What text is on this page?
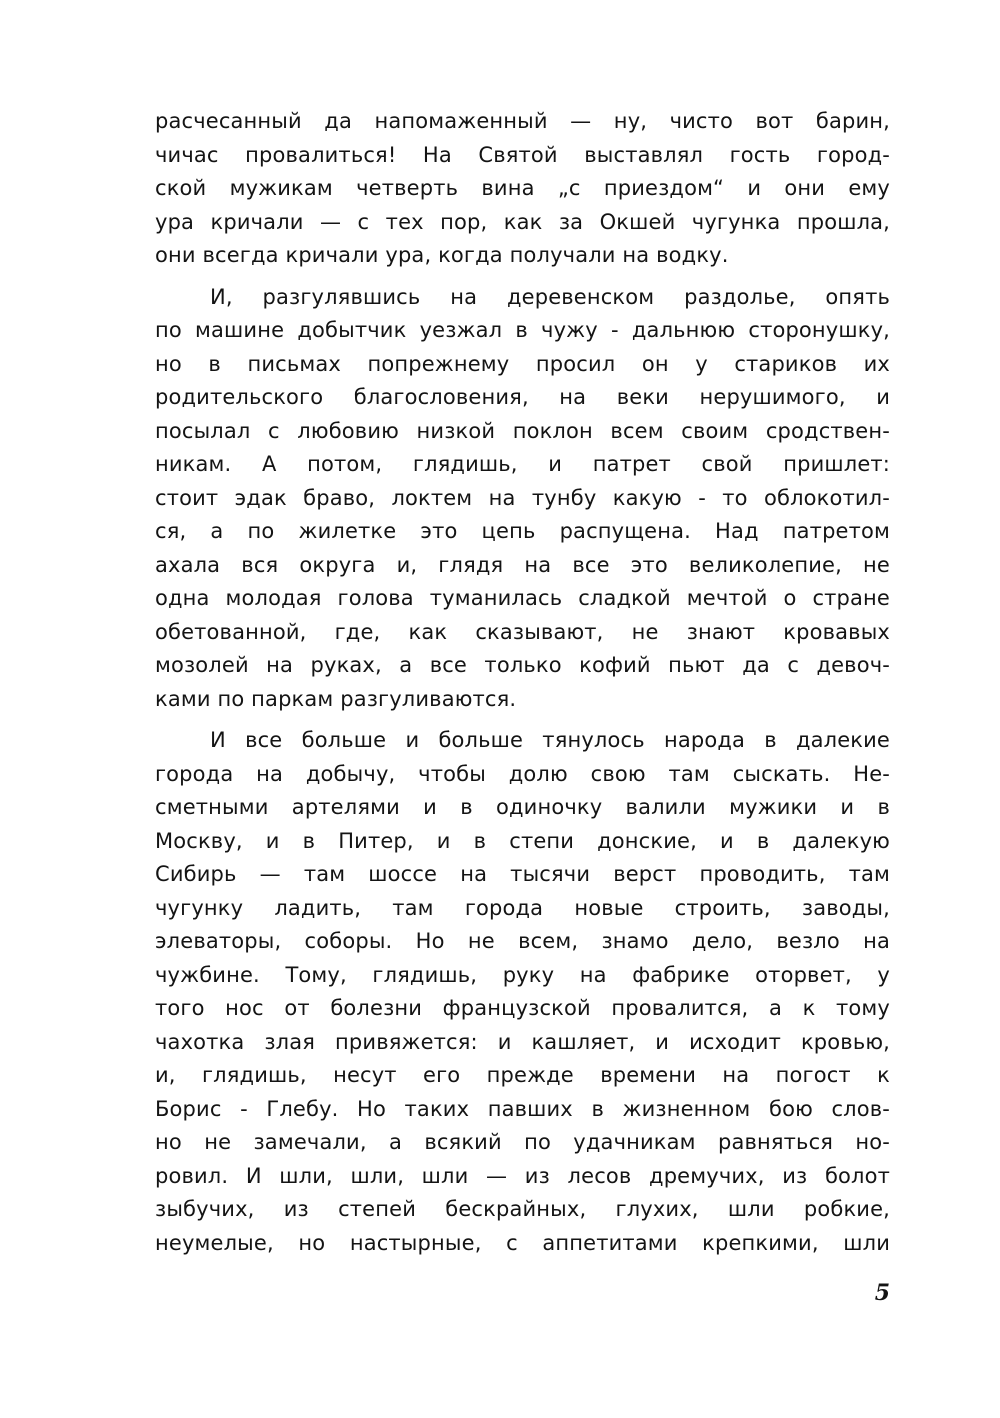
расчесанный да напомаженный — ну, чисто вот барин,
чичас провалиться! На Святой выставлял гость город-
ской мужикам четверть вина „с приездом“ и они ему
ура кричали — с тех пор, как за Окшей чугунка прошла,
они всегда кричали ура, когда получали на водку.
И, разгулявшись на деревенском раздолье, опять
по машине добытчик уезжал в чужу - дальнюю сторонушку,
но в письмах попрежнему просил он у стариков их
родительского благословения, на веки нерушимого, и
посылал с любовию низкой поклон всем своим сродствен-
никам. А потом, глядишь, и патрет свой пришлет:
стоит эдак браво, локтем на тунбу какую - то облокотил-
ся, а по жилетке это цепь распущена. Над патретом
ахала вся округа и, глядя на все это великолепие, не
одна молодая голова туманилась сладкой мечтой о стране
обетованной, где, как сказывают, не знают кровавых
мозолей на руках, а все только кофий пьют да с девоч-
ками по паркам разгуливаются.
И все больше и больше тянулось народа в далекие
города на добычу, чтобы долю свою там сыскать. Не-
сметными артелями и в одиночку валили мужики и в
Москву, и в Питер, и в степи донские, и в далекую
Сибирь — там шоссе на тысячи верст проводить, там
чугунку ладить, там города новые строить, заводы,
элеваторы, соборы. Но не всем, знамо дело, везло на
чужбине. Тому, глядишь, руку на фабрике оторвет, у
того нос от болезни французской провалится, а к тому
чахотка злая привяжется: и кашляет, и исходит кровью,
и, глядишь, несут его прежде времени на погост к
Борис - Глебу. Но таких павших в жизненном бою слов-
но не замечали, а всякий по удачникам равняться но-
ровил. И шли, шли, шли — из лесов дремучих, из болот
зыбучих, из степей бескрайных, глухих, шли робкие,
неумелые, но настырные, с аппетитами крепкими, шли
5
